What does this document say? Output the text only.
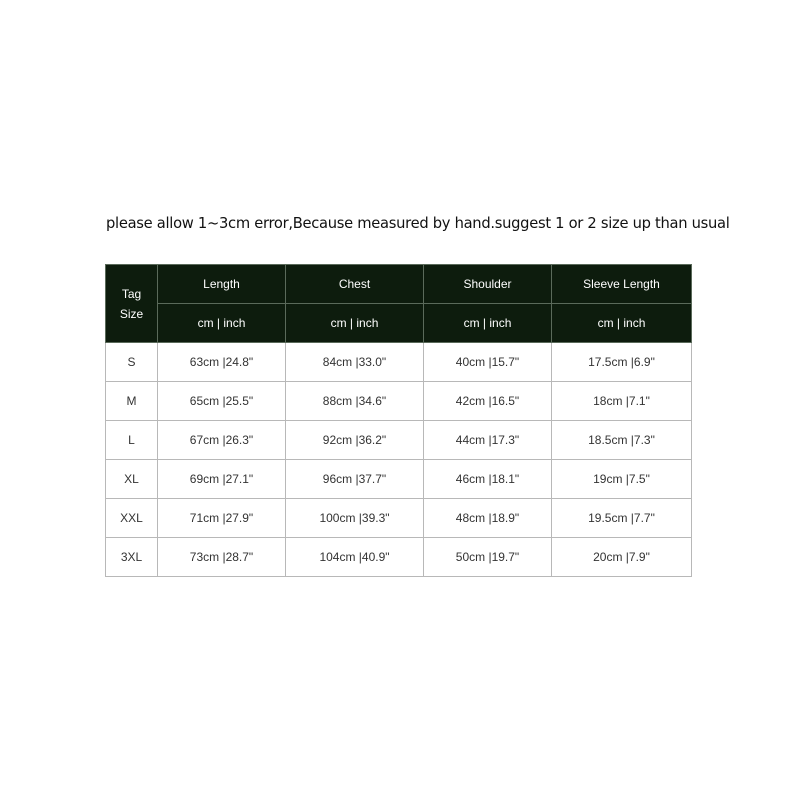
please allow 1~3cm error,Because measured by hand.suggest 1 or 2 size up than usual
Tag
Size	Length	Chest	Shoulder	Sleeve Length
	cm | inch	cm | inch	cm | inch	cm | inch
S	63cm |24.8"	84cm |33.0"	40cm |15.7"	17.5cm |6.9"
M	65cm |25.5"	88cm |34.6"	42cm |16.5"	18cm |7.1"
L	67cm |26.3"	92cm |36.2"	44cm |17.3"	18.5cm |7.3"
XL	69cm |27.1"	96cm |37.7"	46cm |18.1"	19cm |7.5"
XXL	71cm |27.9"	100cm |39.3"	48cm |18.9"	19.5cm |7.7"
3XL	73cm |28.7"	104cm |40.9"	50cm |19.7"	20cm |7.9"
